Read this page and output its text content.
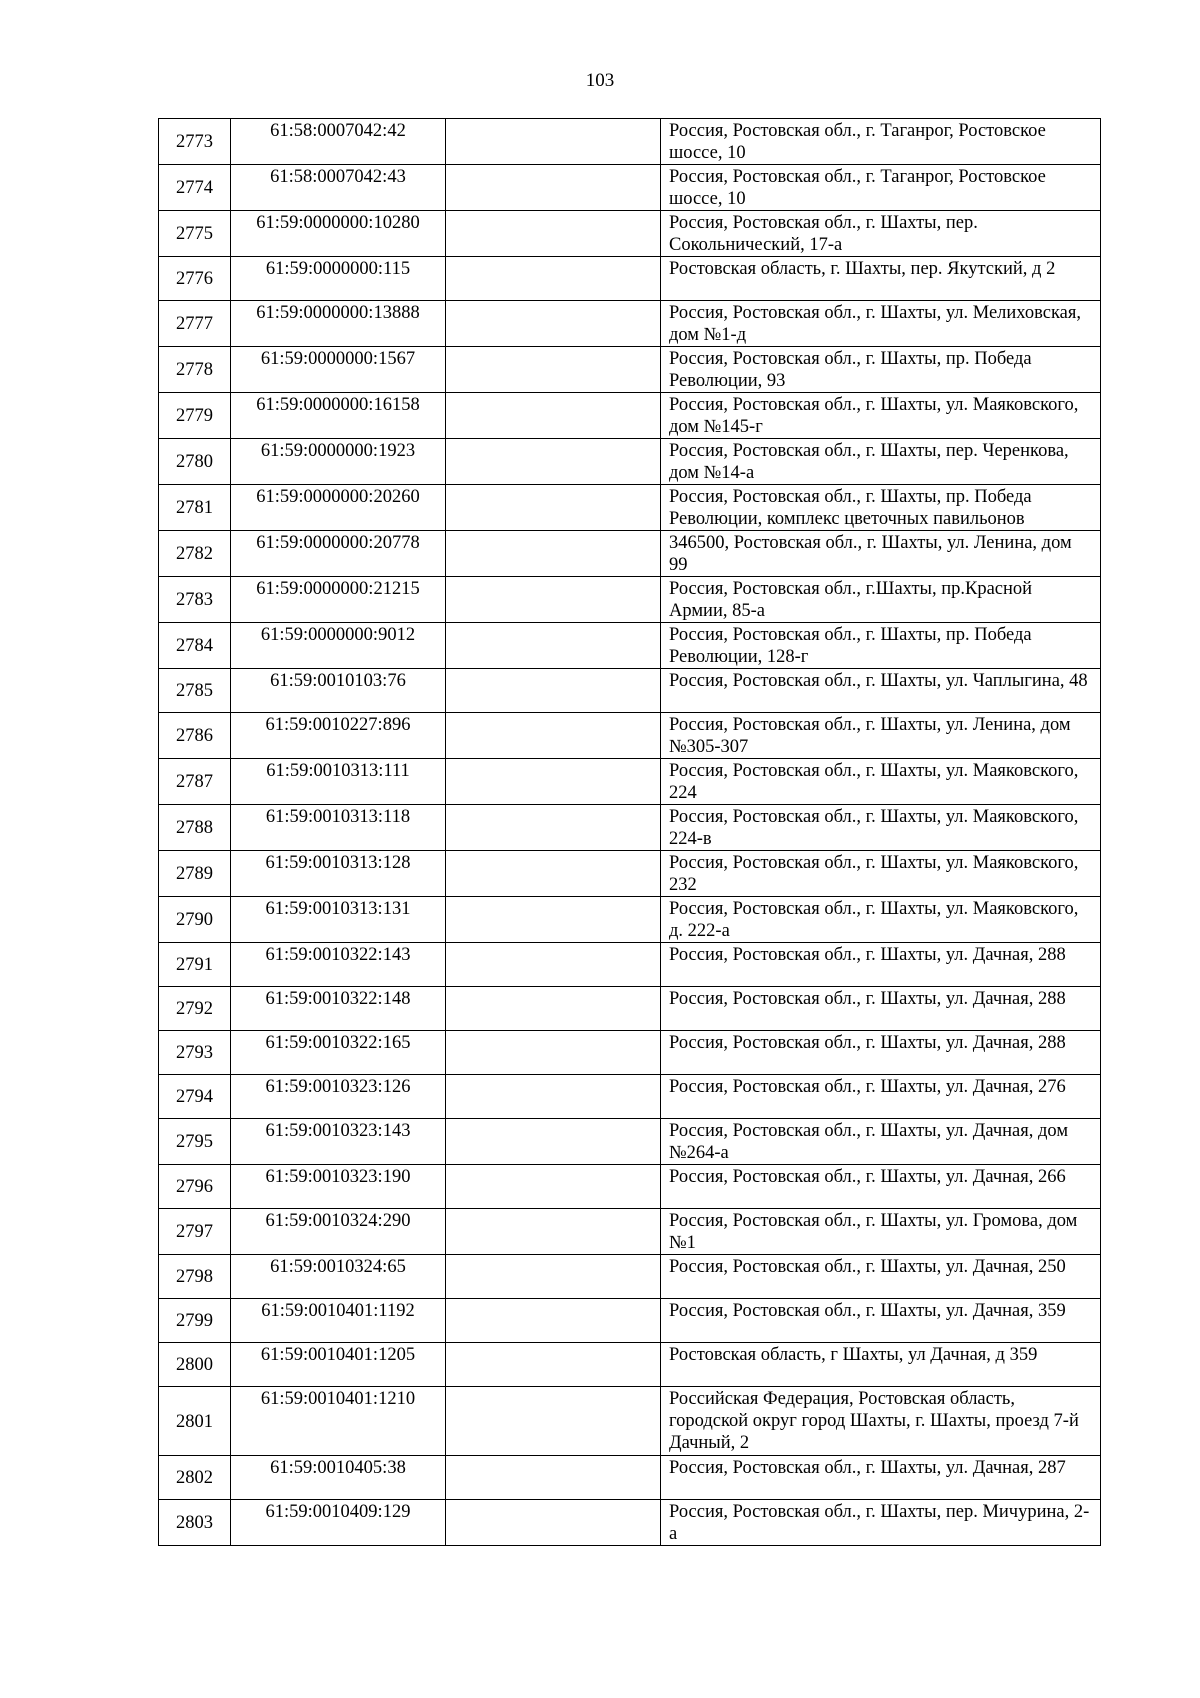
103
2773	61:58:0007042:42		Россия, Ростовская обл., г. Таганрог, Ростовское шоссе, 10
2774	61:58:0007042:43		Россия, Ростовская обл., г. Таганрог, Ростовское шоссе, 10
2775	61:59:0000000:10280		Россия, Ростовская обл., г. Шахты, пер. Сокольнический, 17-а
2776	61:59:0000000:115		Ростовская область, г. Шахты, пер. Якутский, д 2
2777	61:59:0000000:13888		Россия, Ростовская обл., г. Шахты, ул. Мелиховская, дом №1-д
2778	61:59:0000000:1567		Россия, Ростовская обл., г. Шахты, пр. Победа Революции, 93
2779	61:59:0000000:16158		Россия, Ростовская обл., г. Шахты, ул. Маяковского, дом №145-г
2780	61:59:0000000:1923		Россия, Ростовская обл., г. Шахты, пер. Черенкова, дом №14-а
2781	61:59:0000000:20260		Россия, Ростовская обл., г. Шахты, пр. Победа Революции, комплекс цветочных павильонов
2782	61:59:0000000:20778		346500, Ростовская обл., г. Шахты, ул. Ленина, дом 99
2783	61:59:0000000:21215		Россия, Ростовская обл., г.Шахты, пр.Красной Армии, 85-а
2784	61:59:0000000:9012		Россия, Ростовская обл., г. Шахты, пр. Победа Революции, 128-г
2785	61:59:0010103:76		Россия, Ростовская обл., г. Шахты, ул. Чаплыгина, 48
2786	61:59:0010227:896		Россия, Ростовская обл., г. Шахты, ул. Ленина, дом №305-307
2787	61:59:0010313:111		Россия, Ростовская обл., г. Шахты, ул. Маяковского, 224
2788	61:59:0010313:118		Россия, Ростовская обл., г. Шахты, ул. Маяковского, 224-в
2789	61:59:0010313:128		Россия, Ростовская обл., г. Шахты, ул. Маяковского, 232
2790	61:59:0010313:131		Россия, Ростовская обл., г. Шахты, ул. Маяковского, д. 222-а
2791	61:59:0010322:143		Россия, Ростовская обл., г. Шахты, ул. Дачная, 288
2792	61:59:0010322:148		Россия, Ростовская обл., г. Шахты, ул. Дачная, 288
2793	61:59:0010322:165		Россия, Ростовская обл., г. Шахты, ул. Дачная, 288
2794	61:59:0010323:126		Россия, Ростовская обл., г. Шахты, ул. Дачная, 276
2795	61:59:0010323:143		Россия, Ростовская обл., г. Шахты, ул. Дачная, дом №264-а
2796	61:59:0010323:190		Россия, Ростовская обл., г. Шахты, ул. Дачная, 266
2797	61:59:0010324:290		Россия, Ростовская обл., г. Шахты, ул. Громова, дом №1
2798	61:59:0010324:65		Россия, Ростовская обл., г. Шахты, ул. Дачная, 250
2799	61:59:0010401:1192		Россия, Ростовская обл., г. Шахты, ул. Дачная, 359
2800	61:59:0010401:1205		Ростовская область, г Шахты, ул Дачная, д 359
2801	61:59:0010401:1210		Российская Федерация, Ростовская область, городской округ город Шахты, г. Шахты, проезд 7-й Дачный, 2
2802	61:59:0010405:38		Россия, Ростовская обл., г. Шахты, ул. Дачная, 287
2803	61:59:0010409:129		Россия, Ростовская обл., г. Шахты, пер. Мичурина, 2-а
